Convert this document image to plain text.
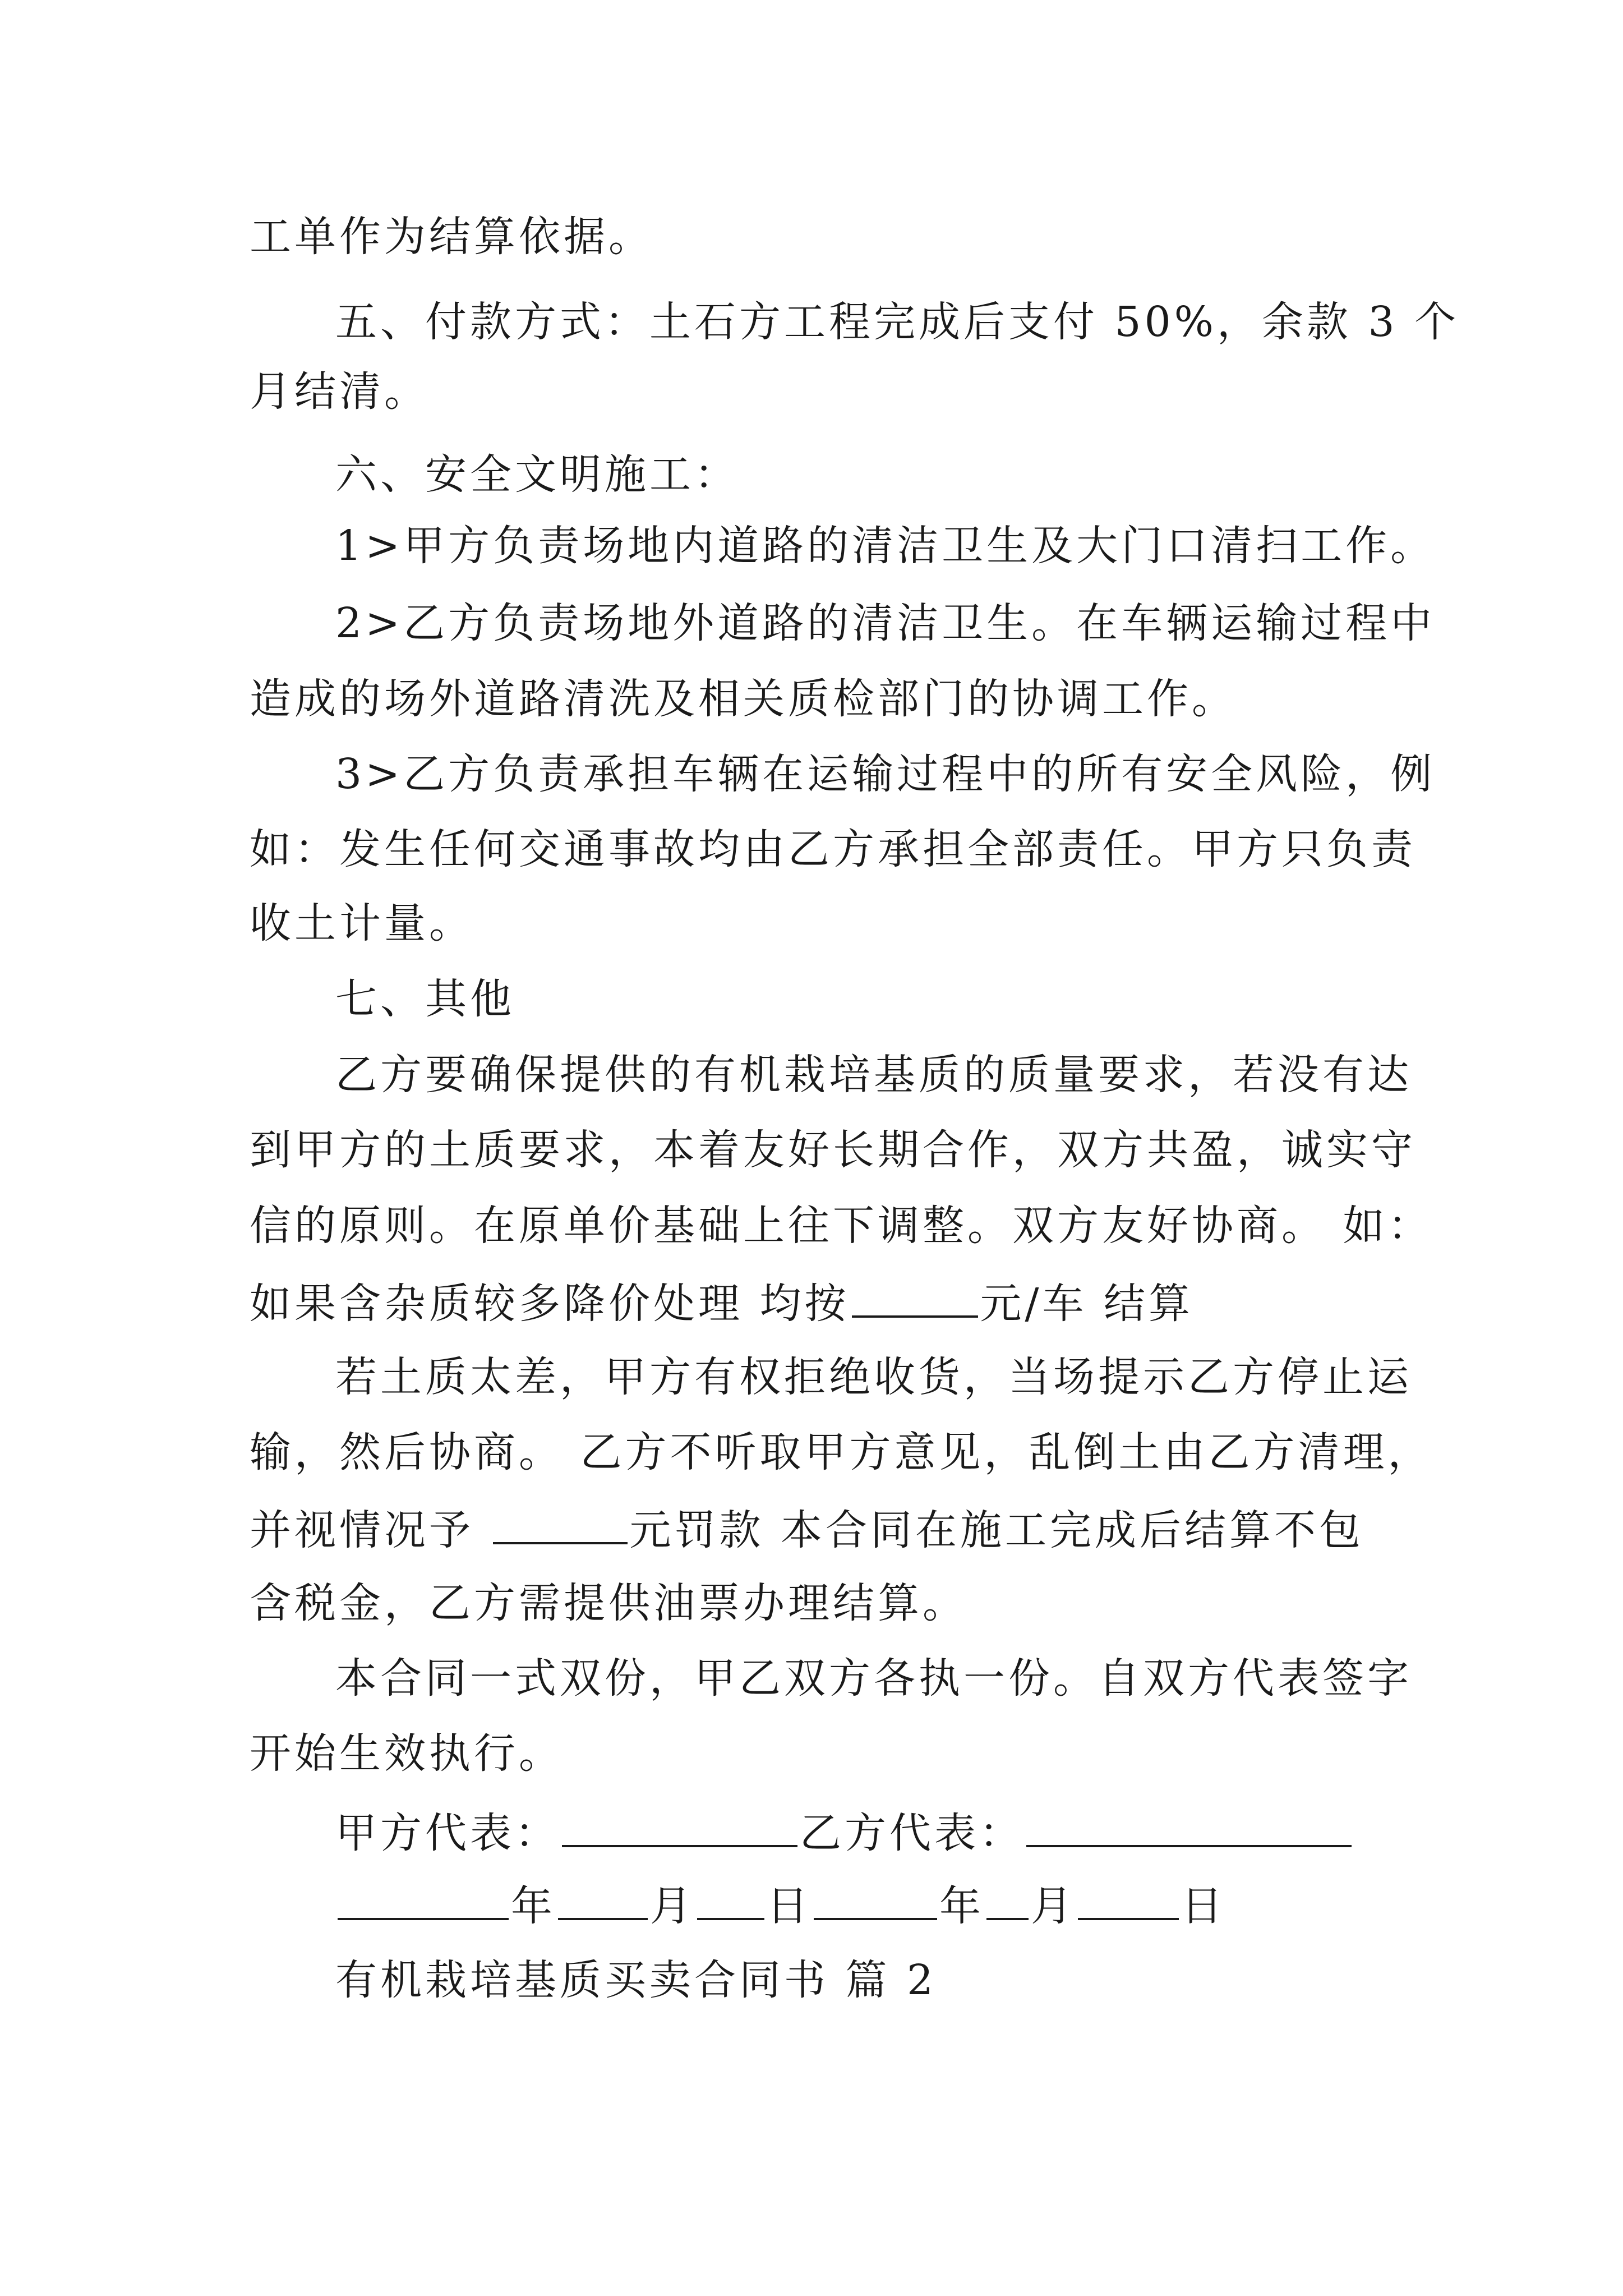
工单作为结算依据。
五、付款方式：土石方工程完成后支付 50%，余款 3 个
月结清。
六、安全文明施工：
1>甲方负责场地内道路的清洁卫生及大门口清扫工作。
2>乙方负责场地外道路的清洁卫生。在车辆运输过程中
造成的场外道路清洗及相关质检部门的协调工作。
3>乙方负责承担车辆在运输过程中的所有安全风险，例
如：发生任何交通事故均由乙方承担全部责任。甲方只负责
收土计量。
七、其他
乙方要确保提供的有机栽培基质的质量要求，若没有达
到甲方的土质要求，本着友好长期合作，双方共盈，诚实守
信的原则。在原单价基础上往下调整。双方友好协商。 如：
如果含杂质较多降价处理 均按	元/车 结算
若土质太差，甲方有权拒绝收货，当场提示乙方停止运
输，然后协商。 乙方不听取甲方意见，乱倒土由乙方清理，
并视情况予	元罚款 本合同在施工完成后结算不包
含税金，乙方需提供油票办理结算。
本合同一式双份，甲乙双方各执一份。自双方代表签字
开始生效执行。
甲方代表：	乙方代表：
年 月 日	年 月	日
有机栽培基质买卖合同书 篇 2
